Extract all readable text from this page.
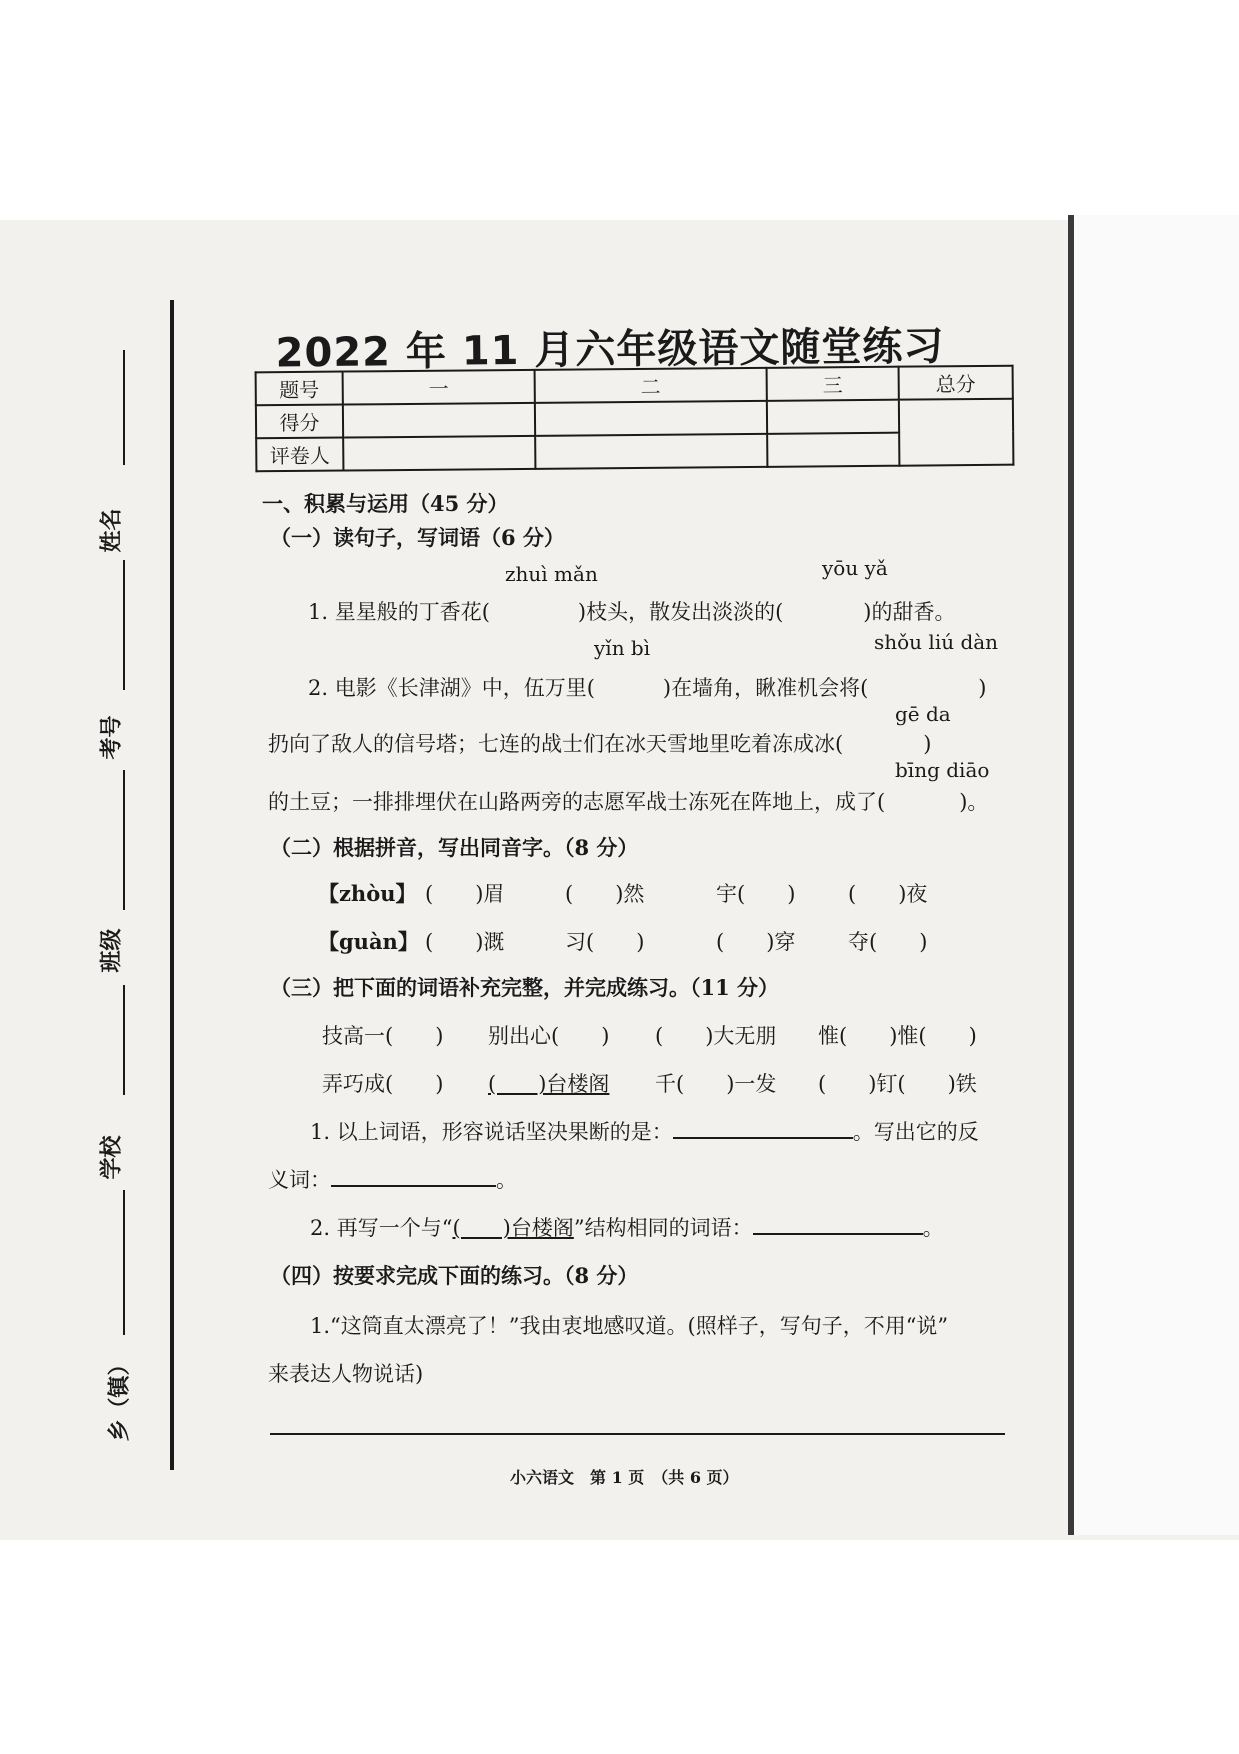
姓名
考号
班级
学校
乡（镇）
2022 年 11 月六年级语文随堂练习
题号	一	二	三	总分
得分				
评卷人				
一、积累与运用（45 分）
（一）读句子，写词语（6 分）
zhuì mǎn	yōu yǎ
1. 星星般的丁香花(	)枝头，散发出淡淡的(	)的甜香。
yǐn bì	shǒu liú dàn
2. 电影《长津湖》中，伍万里(	)在墙角，瞅准机会将(	)
gē da
扔向了敌人的信号塔；七连的战士们在冰天雪地里吃着冻成冰(	)
bīng diāo
的土豆；一排排埋伏在山路两旁的志愿军战士冻死在阵地上，成了(	)。
（二）根据拼音，写出同音字。（8 分）
【zhòu】 (　　)眉	(　　)然	宇(　　)	(　　)夜
【guàn】 (　　)溉	习(　　)	(　　)穿	夺(　　)
（三）把下面的词语补充完整，并完成练习。（11 分）
技高一(　　) 别出心(　　) (　　)大无朋 惟(　　)惟(　　)
弄巧成(　　) (　　)台楼阁 千(　　)一发 (　　)钉(　　)铁
1. 以上词语，形容说话坚决果断的是：	。写出它的反
义词：	。
2. 再写一个与“(　　)台楼阁”结构相同的词语：	。
（四）按要求完成下面的练习。（8 分）
1.“这筒直太漂亮了！”我由衷地感叹道。(照样子，写句子，不用“说”
来表达人物说话)
小六语文　第 1 页　（共 6 页）
